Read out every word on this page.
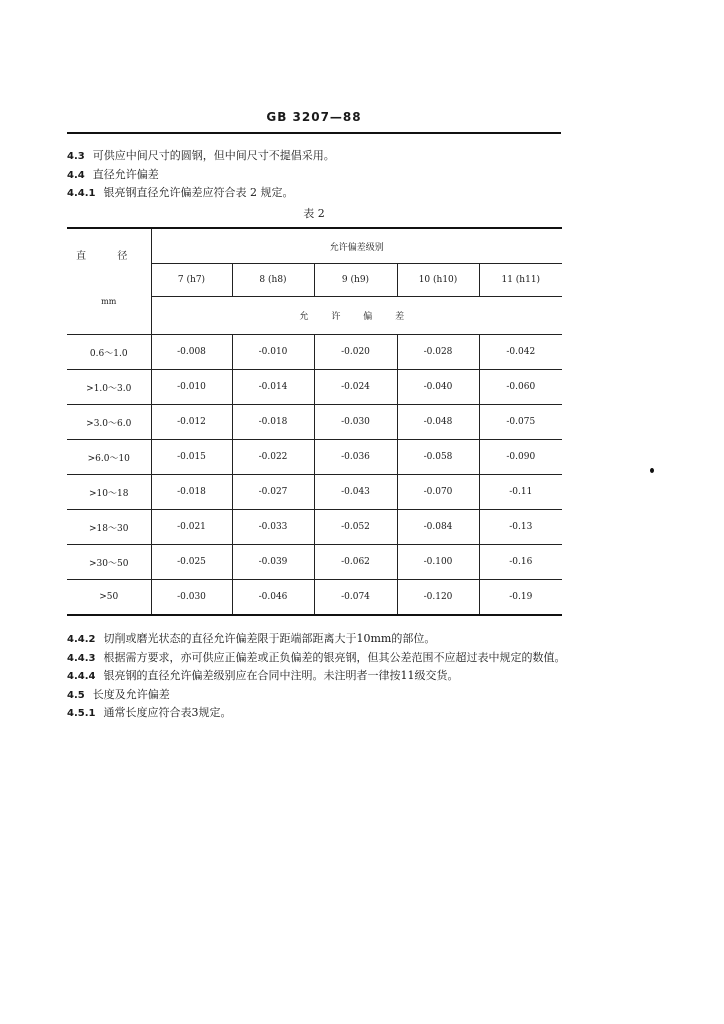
GB 3207—88
4.3 可供应中间尺寸的圆钢，但中间尺寸不提倡采用。
4.4 直径允许偏差
4.4.1 银亮钢直径允许偏差应符合表 2 规定。
表 2
直 径
mm	允许偏差级别				
	7 (h7)	8 (h8)	9 (h9)	10 (h10)	11 (h11)
	允 许 偏 差				
0.6～1.0	-0.008	-0.010	-0.020	-0.028	-0.042
>1.0～3.0	-0.010	-0.014	-0.024	-0.040	-0.060
>3.0～6.0	-0.012	-0.018	-0.030	-0.048	-0.075
>6.0～10	-0.015	-0.022	-0.036	-0.058	-0.090
>10～18	-0.018	-0.027	-0.043	-0.070	-0.11
>18～30	-0.021	-0.033	-0.052	-0.084	-0.13
>30～50	-0.025	-0.039	-0.062	-0.100	-0.16
>50	-0.030	-0.046	-0.074	-0.120	-0.19
4.4.2 切削或磨光状态的直径允许偏差限于距端部距离大于10mm的部位。
4.4.3 根据需方要求，亦可供应正偏差或正负偏差的银亮钢，但其公差范围不应超过表中规定的数值。
4.4.4 银亮钢的直径允许偏差级别应在合同中注明。未注明者一律按11级交货。
4.5 长度及允许偏差
4.5.1 通常长度应符合表3规定。
